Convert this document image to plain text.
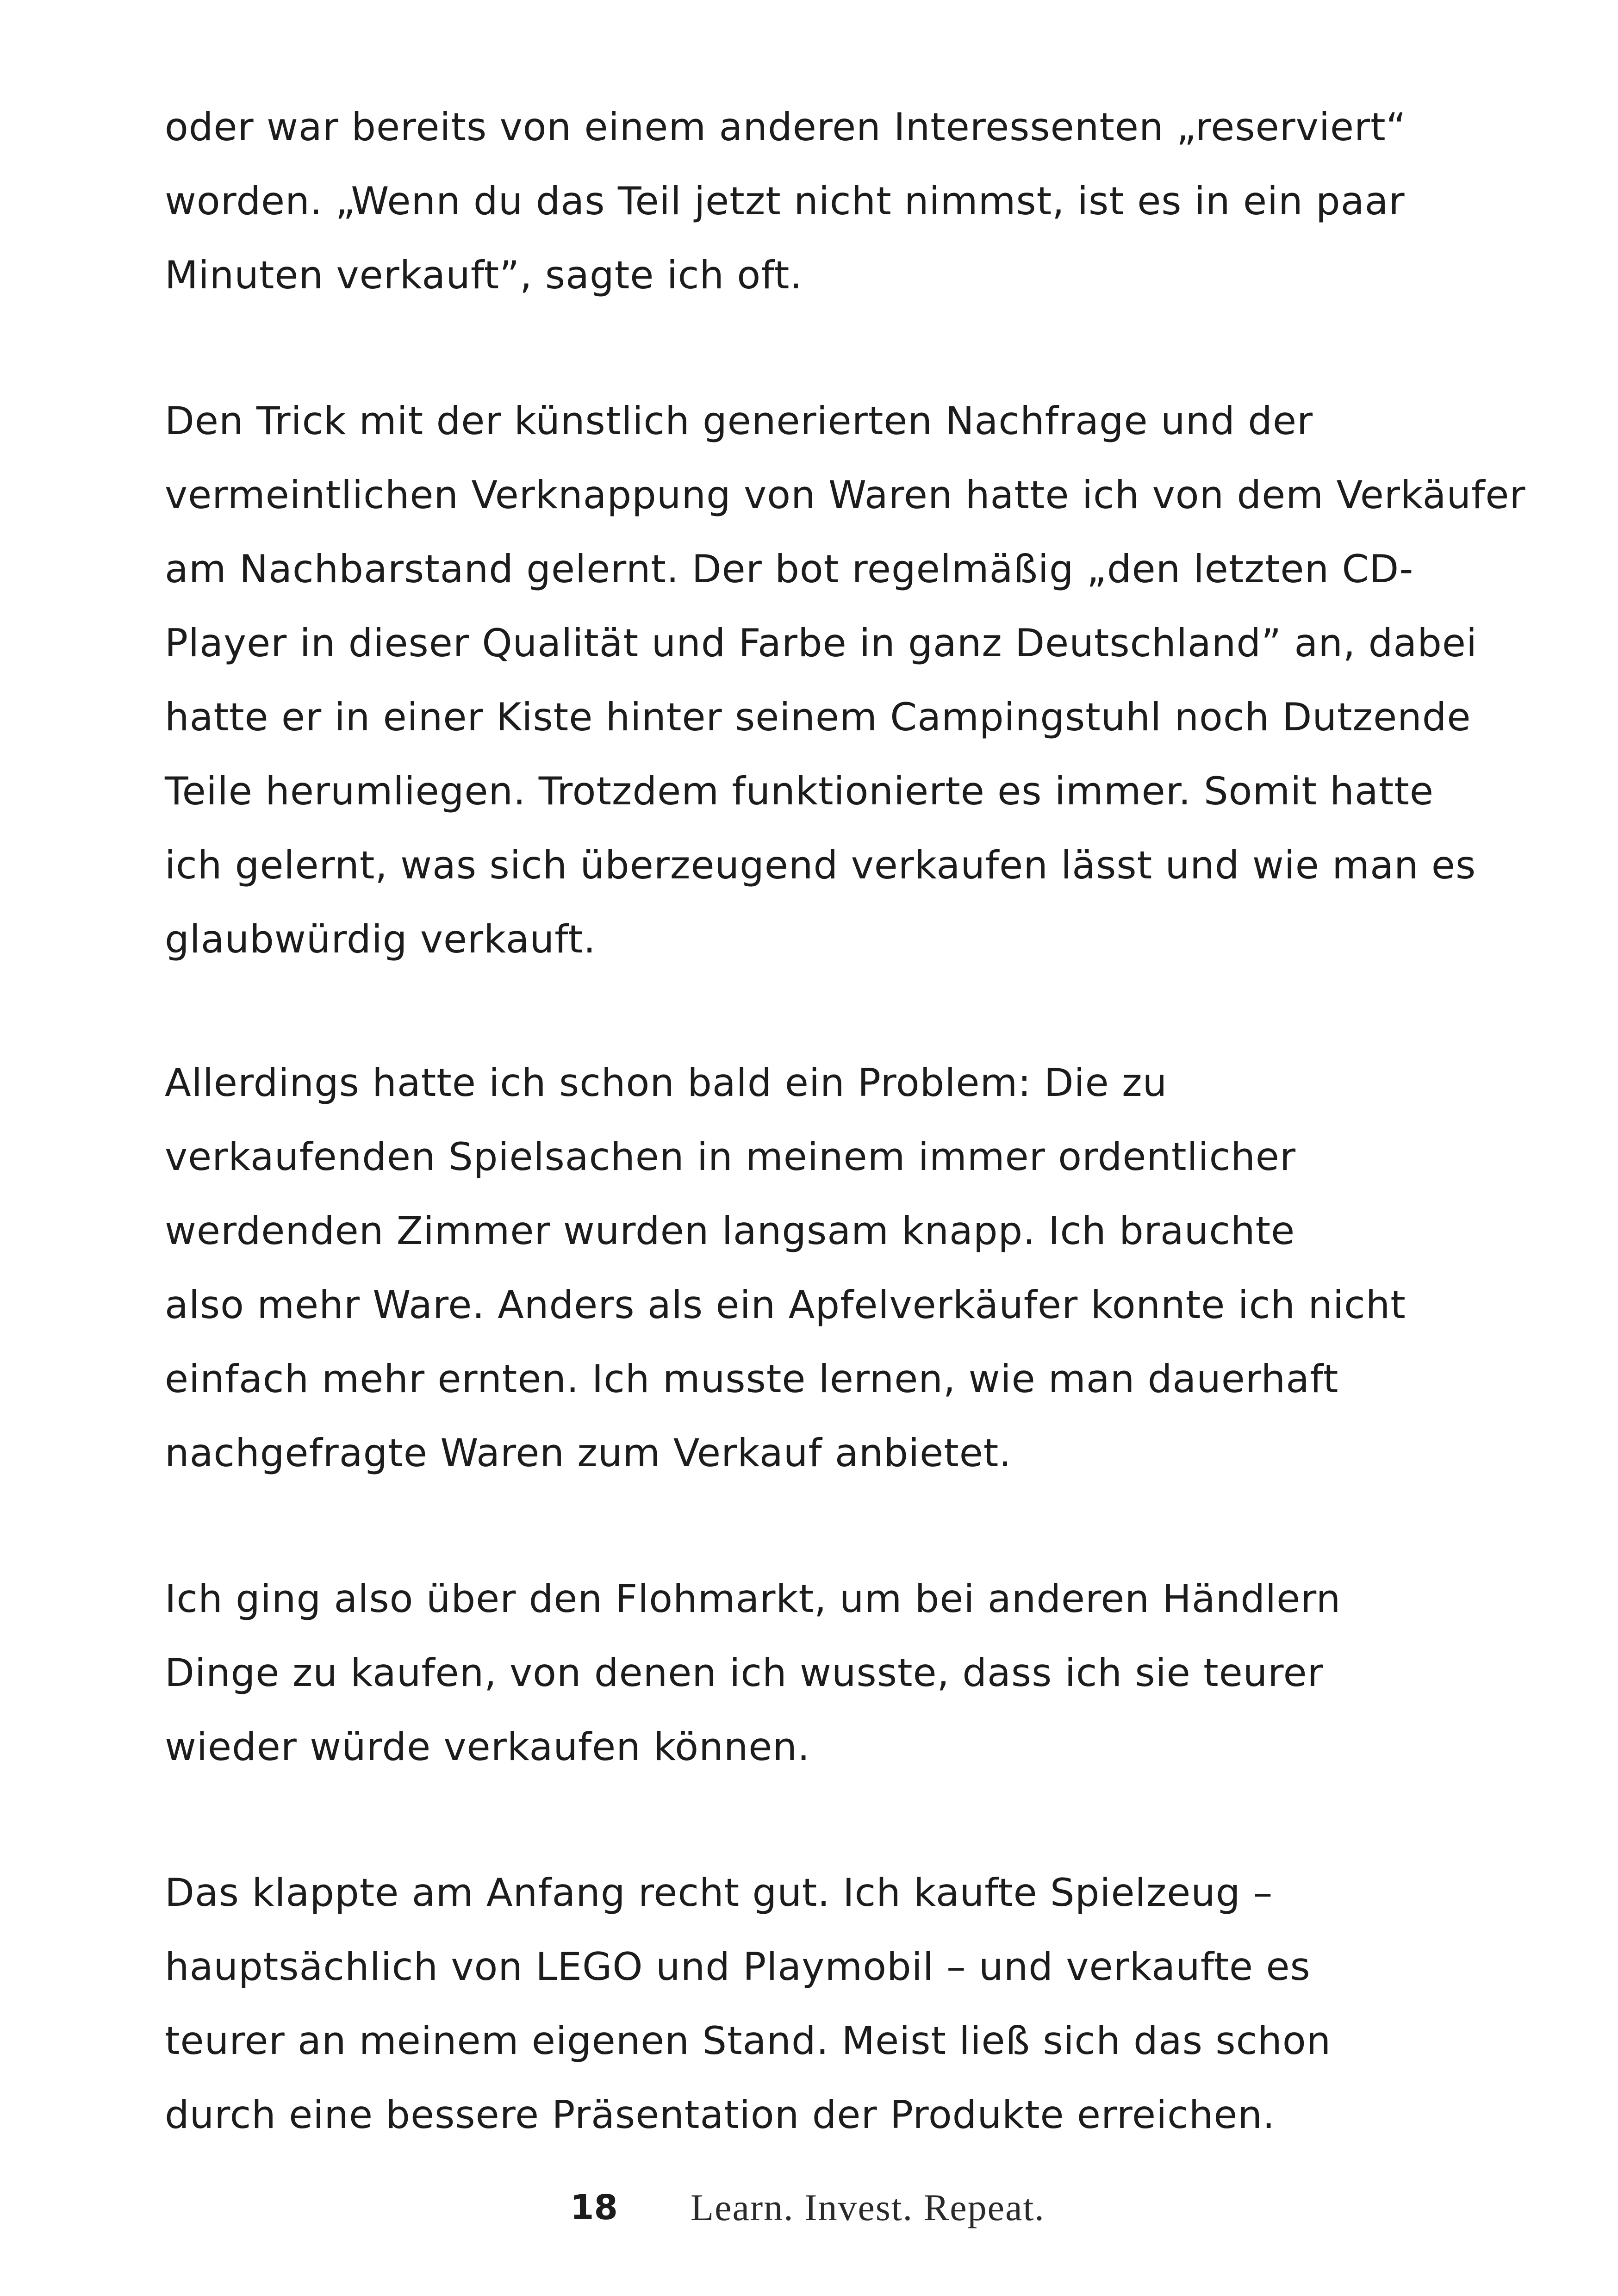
oder war bereits von einem anderen Interessenten „reserviert“
worden. „Wenn du das Teil jetzt nicht nimmst, ist es in ein paar
Minuten verkauft”, sagte ich oft.

Den Trick mit der künstlich generierten Nachfrage und der
vermeintlichen Verknappung von Waren hatte ich von dem Verkäufer
am Nachbarstand gelernt. Der bot regelmäßig „den letzten CD-
Player in dieser Qualität und Farbe in ganz Deutschland” an, dabei
hatte er in einer Kiste hinter seinem Campingstuhl noch Dutzende
Teile herumliegen. Trotzdem funktionierte es immer. Somit hatte
ich gelernt, was sich überzeugend verkaufen lässt und wie man es
glaubwürdig verkauft.

Allerdings hatte ich schon bald ein Problem: Die zu
verkaufenden Spielsachen in meinem immer ordentlicher
werdenden Zimmer wurden langsam knapp. Ich brauchte
also mehr Ware. Anders als ein Apfelverkäufer konnte ich nicht
einfach mehr ernten. Ich musste lernen, wie man dauerhaft
nachgefragte Waren zum Verkauf anbietet.

Ich ging also über den Flohmarkt, um bei anderen Händlern
Dinge zu kaufen, von denen ich wusste, dass ich sie teurer
wieder würde verkaufen können.

Das klappte am Anfang recht gut. Ich kaufte Spielzeug –
hauptsächlich von LEGO und Playmobil – und verkaufte es
teurer an meinem eigenen Stand. Meist ließ sich das schon
durch eine bessere Präsentation der Produkte erreichen.

18 Learn. Invest. Repeat.
